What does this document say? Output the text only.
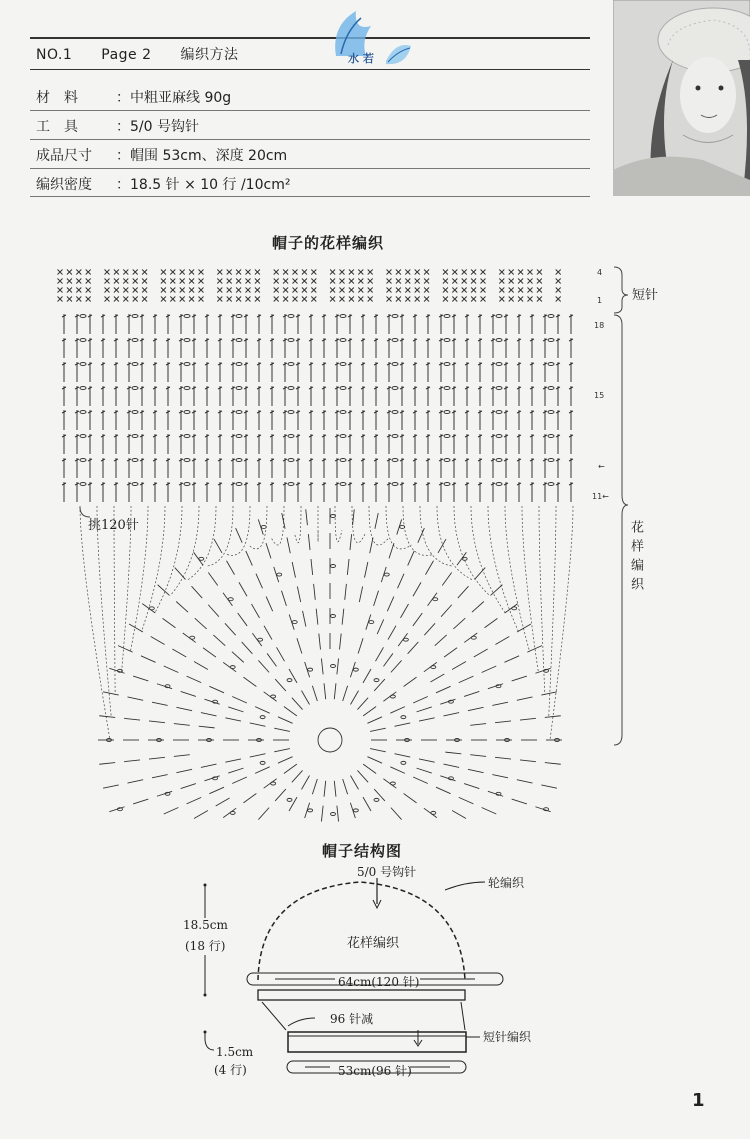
NO.1 Page 2 编织方法	水 若
材　料	： 中粗亚麻线 90g
工　具	： 5/0 号钩针
成品尺寸	： 帽围 53cm、深度 20cm
编织密度	： 18.5 针 × 10 行 /10cm²
帽子的花样编织
4
1
18
15
←
11←
短针
花样编织
挑120针
帽子结构图
5/0 号钩针
轮编织
花样编织
64cm(120 针)
96 针减
短针编织
53cm(96 针)
18.5cm
(18 行)
1.5cm
(4 行)
1
